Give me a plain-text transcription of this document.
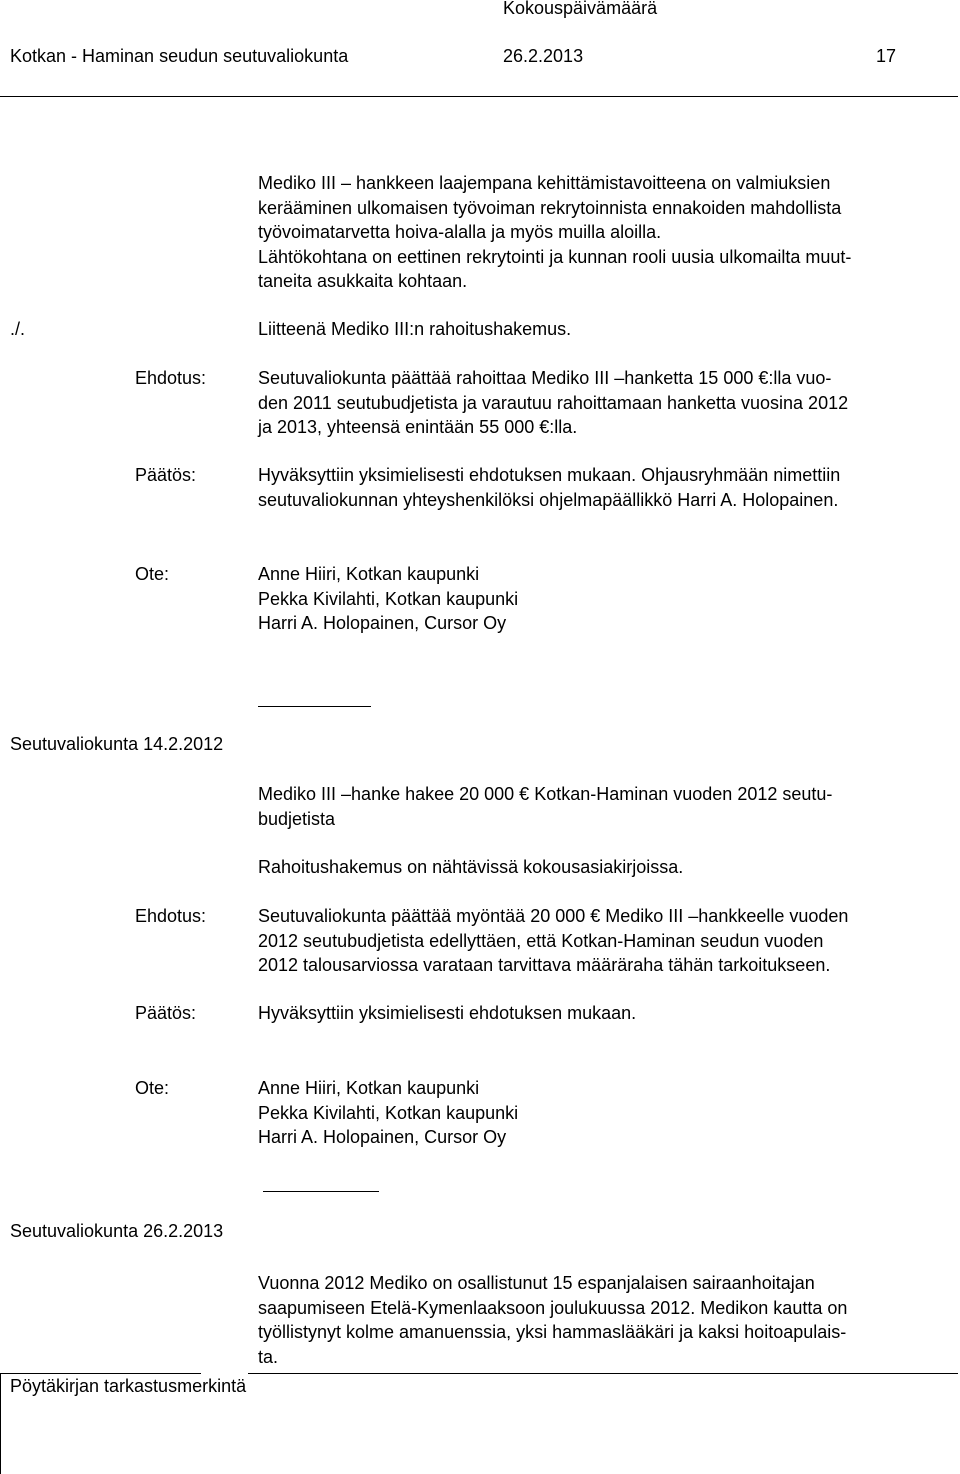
Kokouspäivämäärä
Kotkan - Haminan seudun seutuvaliokunta	26.2.2013	17
Mediko III – hankkeen laajempana kehittämistavoitteena on valmiuksien
kerääminen ulkomaisen työvoiman rekrytoinnista ennakoiden mahdollista
työvoimatarvetta hoiva-alalla ja myös muilla aloilla.
Lähtökohtana on eettinen rekrytointi ja kunnan rooli uusia ulkomailta muut-
taneita asukkaita kohtaan.
./.	Liitteenä Mediko III:n rahoitushakemus.
Ehdotus:	Seutuvaliokunta päättää rahoittaa Mediko III –hanketta 15 000 €:lla vuo-
den 2011 seutubudjetista ja varautuu rahoittamaan hanketta vuosina 2012
ja 2013, yhteensä enintään 55 000 €:lla.
Päätös:	Hyväksyttiin yksimielisesti ehdotuksen mukaan. Ohjausryhmään nimettiin
seutuvaliokunnan yhteyshenkilöksi ohjelmapäällikkö Harri A. Holopainen.
Ote:	Anne Hiiri, Kotkan kaupunki
Pekka Kivilahti, Kotkan kaupunki
Harri A. Holopainen, Cursor Oy
Seutuvaliokunta 14.2.2012
Mediko III –hanke hakee 20 000 € Kotkan-Haminan vuoden 2012 seutu-
budjetista
Rahoitushakemus on nähtävissä kokousasiakirjoissa.
Ehdotus:	Seutuvaliokunta päättää myöntää 20 000 € Mediko III –hankkeelle vuoden
2012 seutubudjetista edellyttäen, että Kotkan-Haminan seudun vuoden
2012 talousarviossa varataan tarvittava määräraha tähän tarkoitukseen.
Päätös:	Hyväksyttiin yksimielisesti ehdotuksen mukaan.
Ote:	Anne Hiiri, Kotkan kaupunki
Pekka Kivilahti, Kotkan kaupunki
Harri A. Holopainen, Cursor Oy
Seutuvaliokunta 26.2.2013
Vuonna 2012 Mediko on osallistunut 15 espanjalaisen sairaanhoitajan
saapumiseen Etelä-Kymenlaaksoon joulukuussa 2012. Medikon kautta on
työllistynyt kolme amanuenssia, yksi hammaslääkäri ja kaksi hoitoapulais-
ta.
Pöytäkirjan tarkastusmerkintä
